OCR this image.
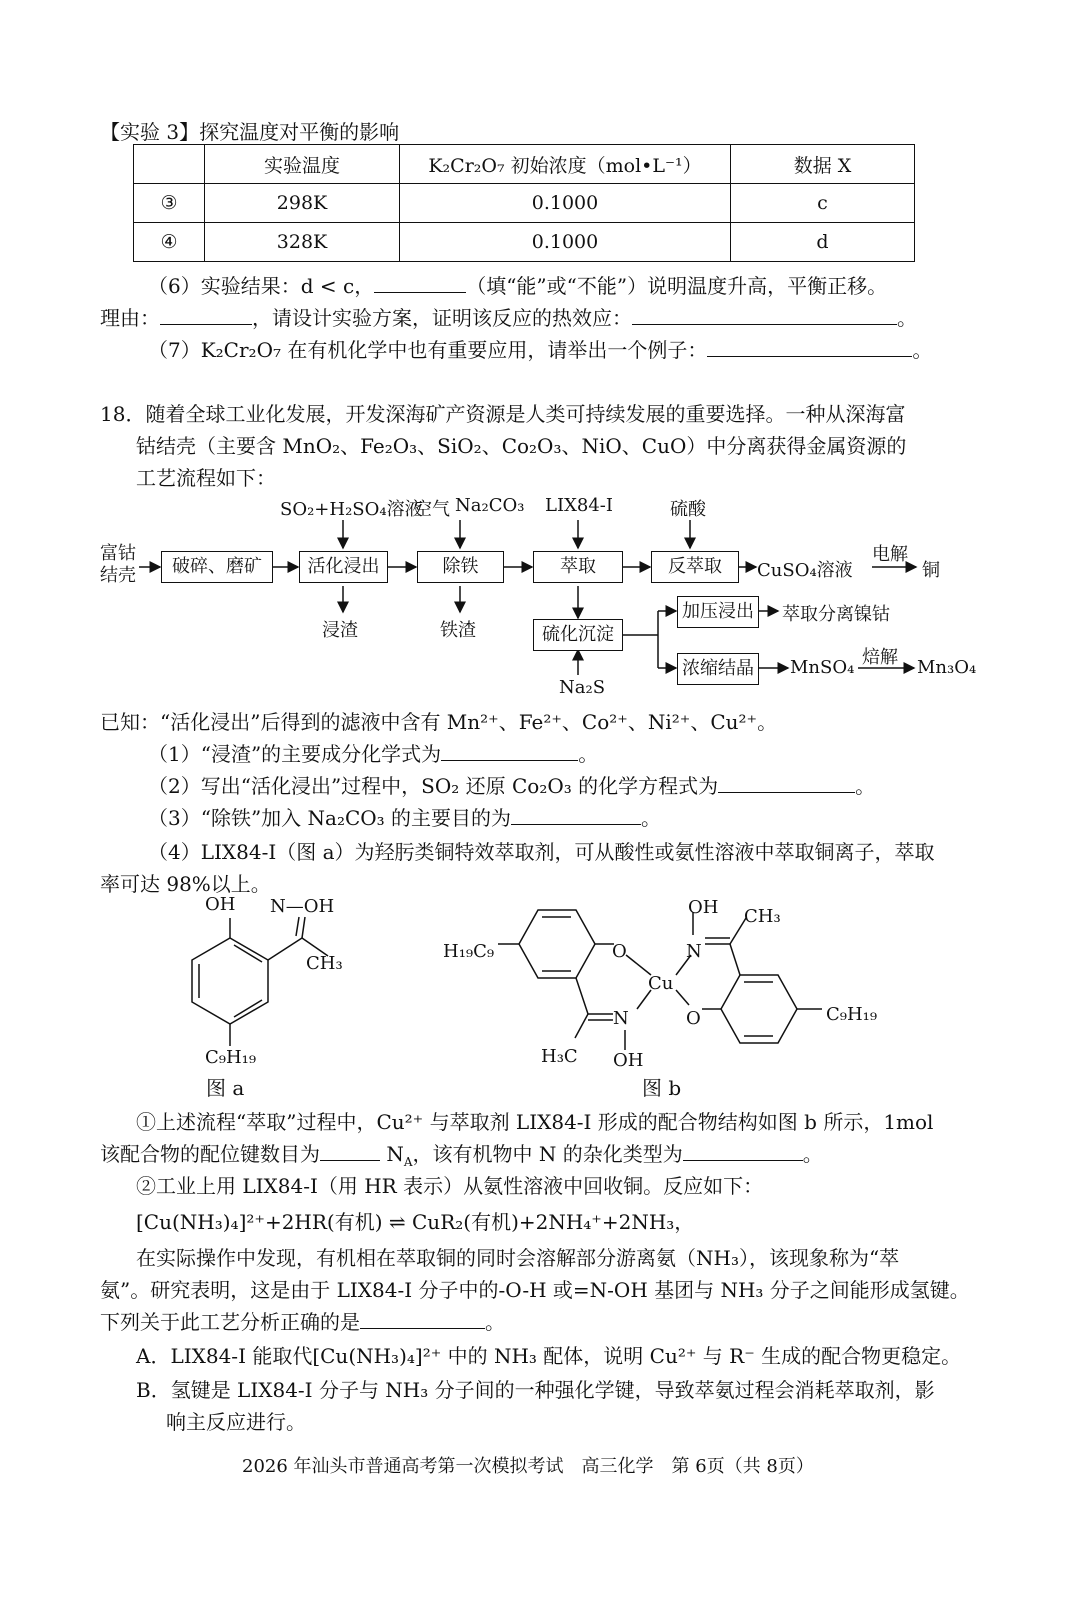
【实验 3】探究温度对平衡的影响
	实验温度	K₂Cr₂O₇ 初始浓度（mol•L⁻¹）	数据 X
③	298K	0.1000	c
④	328K	0.1000	d
（6）实验结果：d < c，	（填“能”或“不能”）说明温度升高，平衡正移。
理由：	，请设计实验方案，证明该反应的热效应：	。
（7）K₂Cr₂O₇ 在有机化学中也有重要应用，请举出一个例子：	。
18．随着全球工业化发展，开发深海矿产资源是人类可持续发展的重要选择。一种从深海富
钴结壳（主要含 MnO₂、Fe₂O₃、SiO₂、Co₂O₃、NiO、CuO）中分离获得金属资源的
工艺流程如下：
富钴
结壳	破碎、磨矿	活化浸出	除铁	萃取	反萃取
硫化沉淀
加压浸出
浓缩结晶
SO₂+H₂SO₄溶液
空气 Na₂CO₃ LIX84-I	硫酸
Na₂S
浸渣	铁渣
CuSO₄溶液	铜
萃取分离镍钴
MnSO₄	Mn₃O₄
电解
焙解
已知：“活化浸出”后得到的滤液中含有 Mn²⁺、Fe²⁺、Co²⁺、Ni²⁺、Cu²⁺。
（1）“浸渣”的主要成分化学式为	。
（2）写出“活化浸出”过程中，SO₂ 还原 Co₂O₃ 的化学方程式为	。
（3）“除铁”加入 Na₂CO₃ 的主要目的为	。
（4）LIX84-I（图 a）为羟肟类铜特效萃取剂，可从酸性或氨性溶液中萃取铜离子，萃取
率可达 98%以上。
OH N—OH
CH₃
C₉H₁₉
图 a
OH CH₃
H₁₉C₉	O	N
Cu
N	O	C₉H₁₉
H₃C OH
图 b
①上述流程“萃取”过程中，Cu²⁺ 与萃取剂 LIX84-I 形成的配合物结构如图 b 所示，1mol
该配合物的配位键数目为	$N_A$，该有机物中 N 的杂化类型为	。
②工业上用 LIX84-I（用 HR 表示）从氨性溶液中回收铜。反应如下：
[Cu(NH₃)₄]²⁺+2HR(有机) ⇌ CuR₂(有机)+2NH₄⁺+2NH₃，
在实际操作中发现，有机相在萃取铜的同时会溶解部分游离氨（NH₃），该现象称为“萃
氨”。研究表明，这是由于 LIX84-I 分子中的-O-H 或=N-OH 基团与 NH₃ 分子之间能形成氢键。
下列关于此工艺分析正确的是	。
A．LIX84-I 能取代[Cu(NH₃)₄]²⁺ 中的 NH₃ 配体，说明 Cu²⁺ 与 R⁻ 生成的配合物更稳定。
B．氢键是 LIX84-I 分子与 NH₃ 分子间的一种强化学键，导致萃氨过程会消耗萃取剂，影
响主反应进行。
2026 年汕头市普通高考第一次模拟考试　高三化学　第 6页（共 8页）
